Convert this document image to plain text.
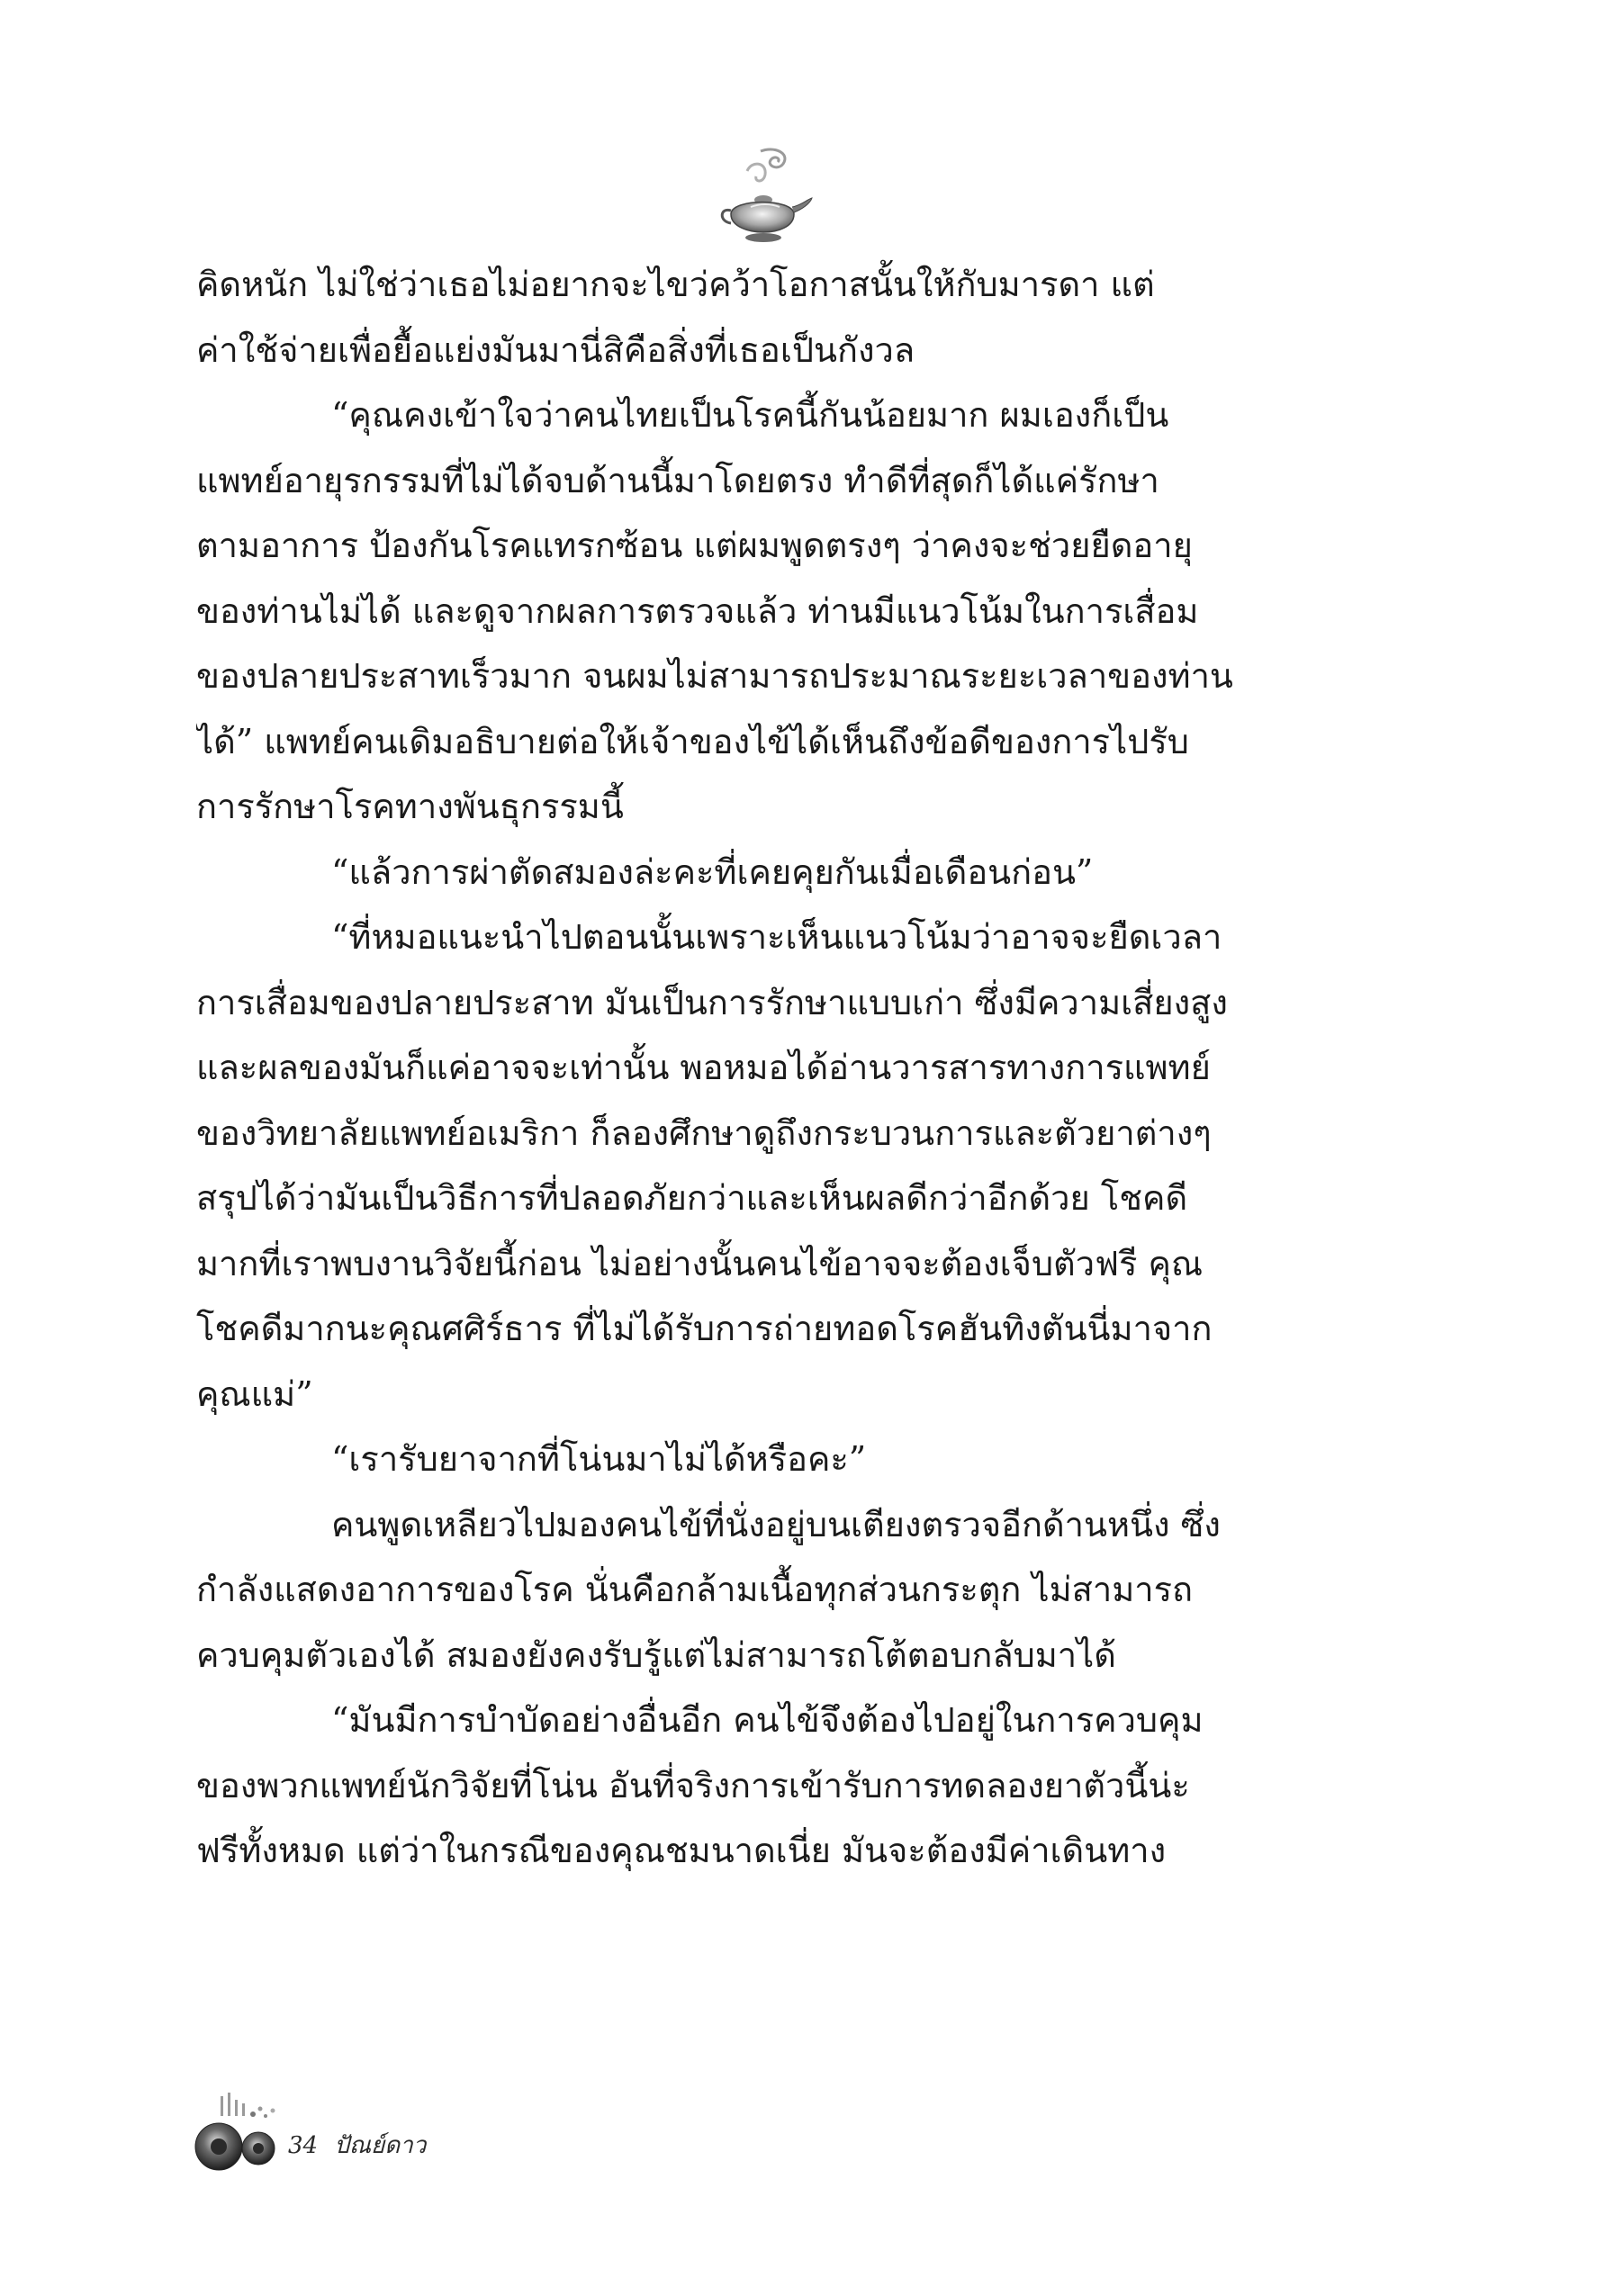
คิดหนัก ไม่ใช่ว่าเธอไม่อยากจะไขว่คว้าโอกาสนั้นให้กับมารดา แต่
ค่าใช้จ่ายเพื่อยื้อแย่งมันมานี่สิคือสิ่งที่เธอเป็นกังวล
“คุณคงเข้าใจว่าคนไทยเป็นโรคนี้กันน้อยมาก ผมเองก็เป็น
แพทย์อายุรกรรมที่ไม่ได้จบด้านนี้มาโดยตรง ทำดีที่สุดก็ได้แค่รักษา
ตามอาการ ป้องกันโรคแทรกซ้อน แต่ผมพูดตรงๆ ว่าคงจะช่วยยืดอายุ
ของท่านไม่ได้ และดูจากผลการตรวจแล้ว ท่านมีแนวโน้มในการเสื่อม
ของปลายประสาทเร็วมาก จนผมไม่สามารถประมาณระยะเวลาของท่าน
ได้” แพทย์คนเดิมอธิบายต่อให้เจ้าของไข้ได้เห็นถึงข้อดีของการไปรับ
การรักษาโรคทางพันธุกรรมนี้
“แล้วการผ่าตัดสมองล่ะคะที่เคยคุยกันเมื่อเดือนก่อน”
“ที่หมอแนะนำไปตอนนั้นเพราะเห็นแนวโน้มว่าอาจจะยืดเวลา
การเสื่อมของปลายประสาท มันเป็นการรักษาแบบเก่า ซึ่งมีความเสี่ยงสูง
และผลของมันก็แค่อาจจะเท่านั้น พอหมอได้อ่านวารสารทางการแพทย์
ของวิทยาลัยแพทย์อเมริกา ก็ลองศึกษาดูถึงกระบวนการและตัวยาต่างๆ
สรุปได้ว่ามันเป็นวิธีการที่ปลอดภัยกว่าและเห็นผลดีกว่าอีกด้วย โชคดี
มากที่เราพบงานวิจัยนี้ก่อน ไม่อย่างนั้นคนไข้อาจจะต้องเจ็บตัวฟรี คุณ
โชคดีมากนะคุณศศิร์ธาร ที่ไม่ได้รับการถ่ายทอดโรคฮันทิงตันนี่มาจาก
คุณแม่”
“เรารับยาจากที่โน่นมาไม่ได้หรือคะ”
คนพูดเหลียวไปมองคนไข้ที่นั่งอยู่บนเตียงตรวจอีกด้านหนึ่ง ซึ่ง
กำลังแสดงอาการของโรค นั่นคือกล้ามเนื้อทุกส่วนกระตุก ไม่สามารถ
ควบคุมตัวเองได้ สมองยังคงรับรู้แต่ไม่สามารถโต้ตอบกลับมาได้
“มันมีการบำบัดอย่างอื่นอีก คนไข้จึงต้องไปอยู่ในการควบคุม
ของพวกแพทย์นักวิจัยที่โน่น อันที่จริงการเข้ารับการทดลองยาตัวนี้น่ะ
ฟรีทั้งหมด แต่ว่าในกรณีของคุณชมนาดเนี่ย มันจะต้องมีค่าเดินทาง
34 ปัณย์ดาว
